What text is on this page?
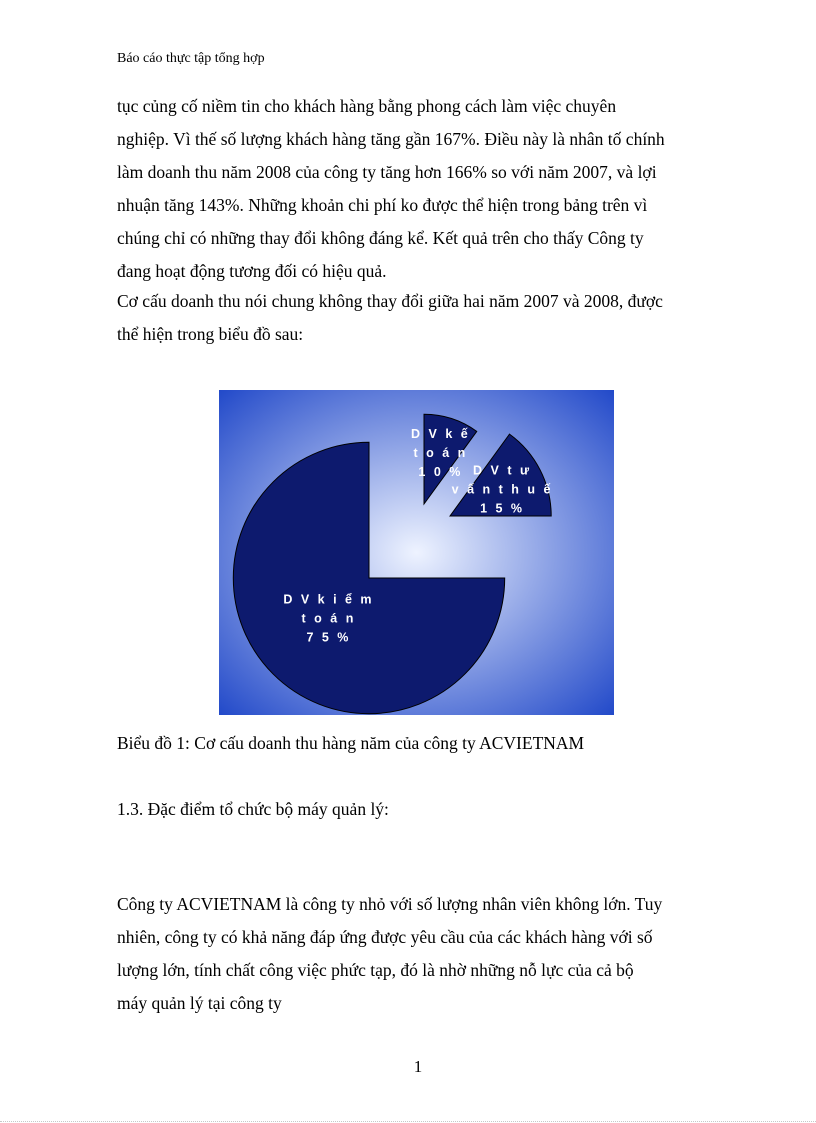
Báo cáo thực tập tổng hợp
tục củng cố niềm tin cho khách hàng bằng phong cách làm việc chuyên
nghiệp. Vì thế số lượng khách hàng tăng gần 167%. Điều này là nhân tố chính
làm doanh thu năm 2008 của công ty tăng hơn 166% so với năm 2007, và lợi
nhuận tăng 143%. Những khoản chi phí ko được thể hiện trong bảng trên vì
chúng chỉ có những thay đổi không đáng kể. Kết quả trên cho thấy Công ty
đang hoạt động tương đối có hiệu quả.
Cơ cấu doanh thu nói chung không thay đổi giữa hai năm 2007 và 2008, được
thể hiện trong biểu đồ sau:
D V k ế t o á n 1 0 % D V t ư v ấ n t h u ế 1 5 %
D V k i ể m t o á n 7 5 %
Biểu đồ 1: Cơ cấu doanh thu hàng năm của công ty ACVIETNAM
1.3. Đặc điểm tổ chức bộ máy quản lý:
Công ty ACVIETNAM là công ty nhỏ với số lượng nhân viên không lớn. Tuy
nhiên, công ty có khả năng đáp ứng được yêu cầu của các khách hàng với số
lượng lớn, tính chất công việc phức tạp, đó là nhờ những nỗ lực của cả bộ
máy quản lý tại công ty
1
